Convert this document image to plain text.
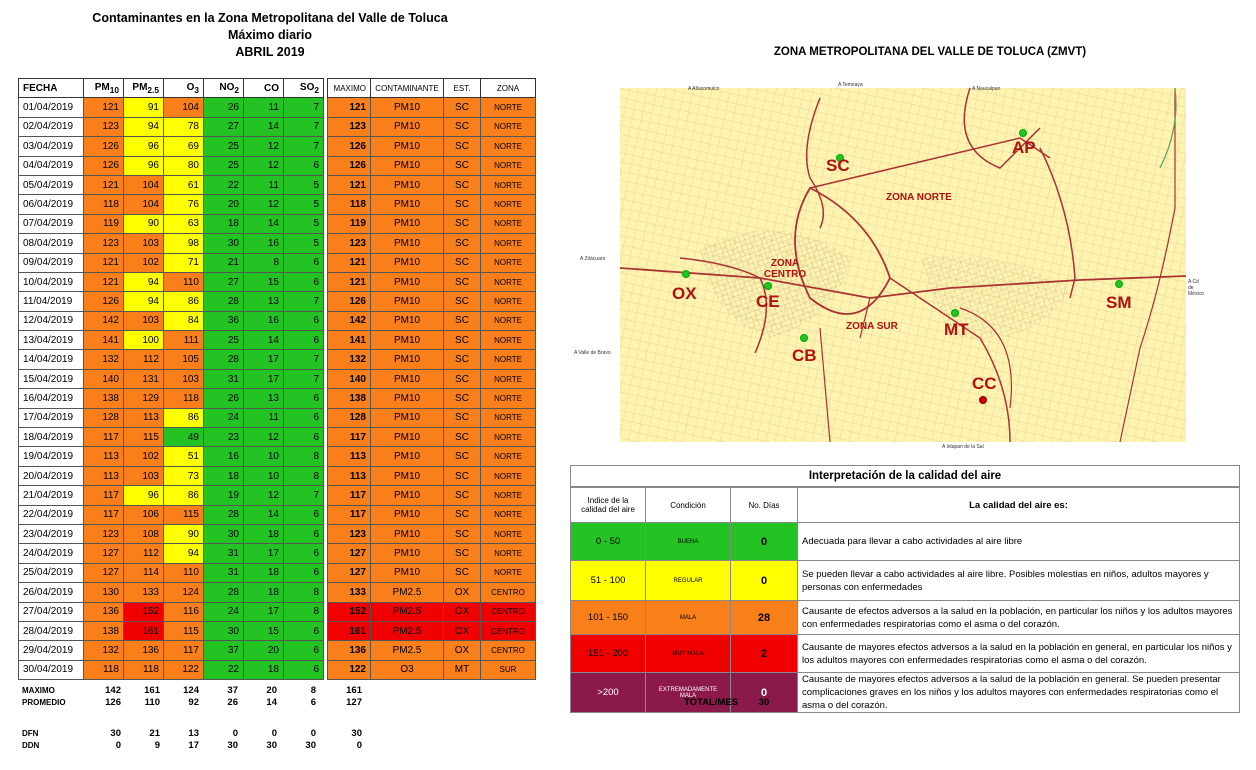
Contaminantes en la Zona Metropolitana del Valle de Toluca
Máximo diario
ABRIL 2019	ZONA METROPOLITANA DEL VALLE DE TOLUCA (ZMVT)
FECHA	$PM_{10}$	$PM_{2.5}$	$O_3$	$NO_2$	CO	$SO_2$		MAXIMO	CONTAMINANTE	EST.	ZONA
01/04/2019	121	91	104	26	11	7		121	PM10	SC	NORTE
02/04/2019	123	94	78	27	14	7		123	PM10	SC	NORTE
03/04/2019	126	96	69	25	12	7		126	PM10	SC	NORTE
04/04/2019	126	96	80	25	12	6		126	PM10	SC	NORTE
05/04/2019	121	104	61	22	11	5		121	PM10	SC	NORTE
06/04/2019	118	104	76	20	12	5		118	PM10	SC	NORTE
07/04/2019	119	90	63	18	14	5		119	PM10	SC	NORTE
08/04/2019	123	103	98	30	16	5		123	PM10	SC	NORTE
09/04/2019	121	102	71	21	8	6		121	PM10	SC	NORTE
10/04/2019	121	94	110	27	15	6		121	PM10	SC	NORTE
11/04/2019	126	94	86	28	13	7		126	PM10	SC	NORTE
12/04/2019	142	103	84	36	16	6		142	PM10	SC	NORTE
13/04/2019	141	100	111	25	14	6		141	PM10	SC	NORTE
14/04/2019	132	112	105	28	17	7		132	PM10	SC	NORTE
15/04/2019	140	131	103	31	17	7		140	PM10	SC	NORTE
16/04/2019	138	129	118	26	13	6		138	PM10	SC	NORTE
17/04/2019	128	113	86	24	11	6		128	PM10	SC	NORTE
18/04/2019	117	115	49	23	12	6		117	PM10	SC	NORTE
19/04/2019	113	102	51	16	10	8		113	PM10	SC	NORTE
20/04/2019	113	103	73	18	10	8		113	PM10	SC	NORTE
21/04/2019	117	96	86	19	12	7		117	PM10	SC	NORTE
22/04/2019	117	106	115	28	14	6		117	PM10	SC	NORTE
23/04/2019	123	108	90	30	18	6		123	PM10	SC	NORTE
24/04/2019	127	112	94	31	17	6		127	PM10	SC	NORTE
25/04/2019	127	114	110	31	18	6		127	PM10	SC	NORTE
26/04/2019	130	133	124	28	18	8		133	PM2.5	OX	CENTRO
27/04/2019	136	152	116	24	17	8		152	PM2.5	OX	CENTRO
28/04/2019	138	161	115	30	15	6		161	PM2.5	OX	CENTRO
29/04/2019	132	136	117	37	20	6		136	PM2.5	OX	CENTRO
30/04/2019	118	118	122	22	18	6		122	O3	MT	SUR
MAXIMO	142	161	124	37	20	8	161
PROMEDIO	126	110	92	26	14	6	127
DFN	30	21	13	0	0	0	30
DDN	0	9	17	30	30	30	0
SC
AP
OX	CE	SM
MT
CB
CC
ZONA NORTE
ZONA CENTRO
ZONA SUR
A Atlacomulco
A Temoaya
A Naucalpan
A Zitácuaro
A Cd de México
A Valle de Bravo
A Ixtapan de la Sal
Interpretación de la calidad del aire
Indice de la calidad del aire	Condición	No. Días	La calidad del aire es:
0 - 50	BUENA	0	Adecuada para llevar a cabo actividades al aire libre
51 - 100	REGULAR	0	Se pueden llevar a cabo actividades al aire libre. Posibles molestias en niños, adultos mayores y personas con enfermedades
101 - 150	MALA	28	Causante de efectos adversos a la salud en la población, en particular los niños y los adultos mayores con enfermedades respiratorias como el asma o del corazón.
151 - 200	MUY MALA	2	Causante de mayores efectos adversos a la salud en la población en general, en particular los niños y los adultos mayores con enfermedades respiratorias como el asma o del corazón.
>200	EXTREMADAMENTE MALA	0	Causante de mayores efectos adversos a la salud de la población en general. Se pueden presentar complicaciones graves en los niños y los adultos mayores con enfermedades respiratorias como el asma o del corazón.
TOTAL/MES 30
